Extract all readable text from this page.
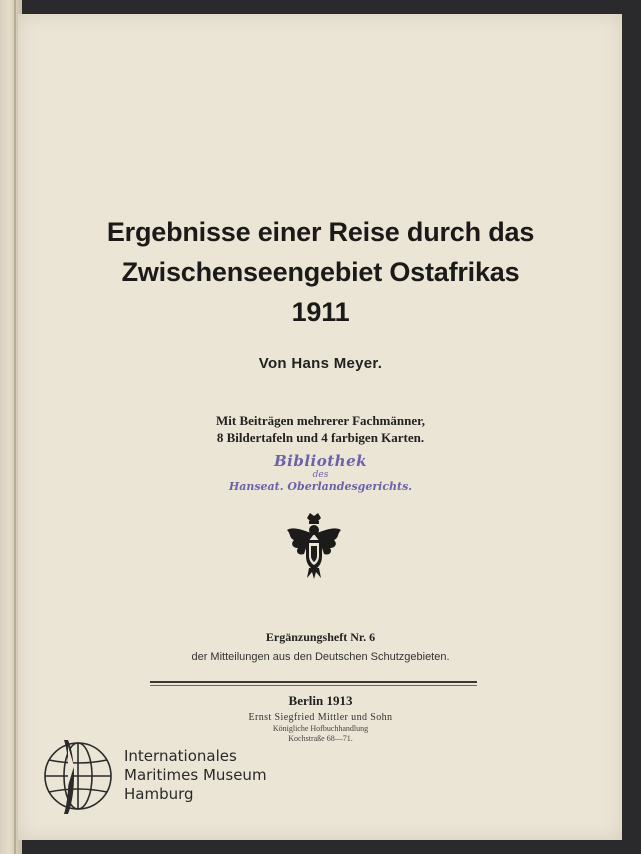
Ergebnisse einer Reise durch das
Zwischenseengebiet Ostafrikas
1911
Von Hans Meyer.
Mit Beiträgen mehrerer Fachmänner,
8 Bildertafeln und 4 farbigen Karten.
Bibliothek
des
Hanseat. Oberlandesgerichts.
Ergänzungsheft Nr. 6
der Mitteilungen aus den Deutschen Schutzgebieten.
Berlin 1913
Ernst Siegfried Mittler und Sohn
Königliche Hofbuchhandlung
Kochstraße 68—71.
Internationales
Maritimes Museum
Hamburg
